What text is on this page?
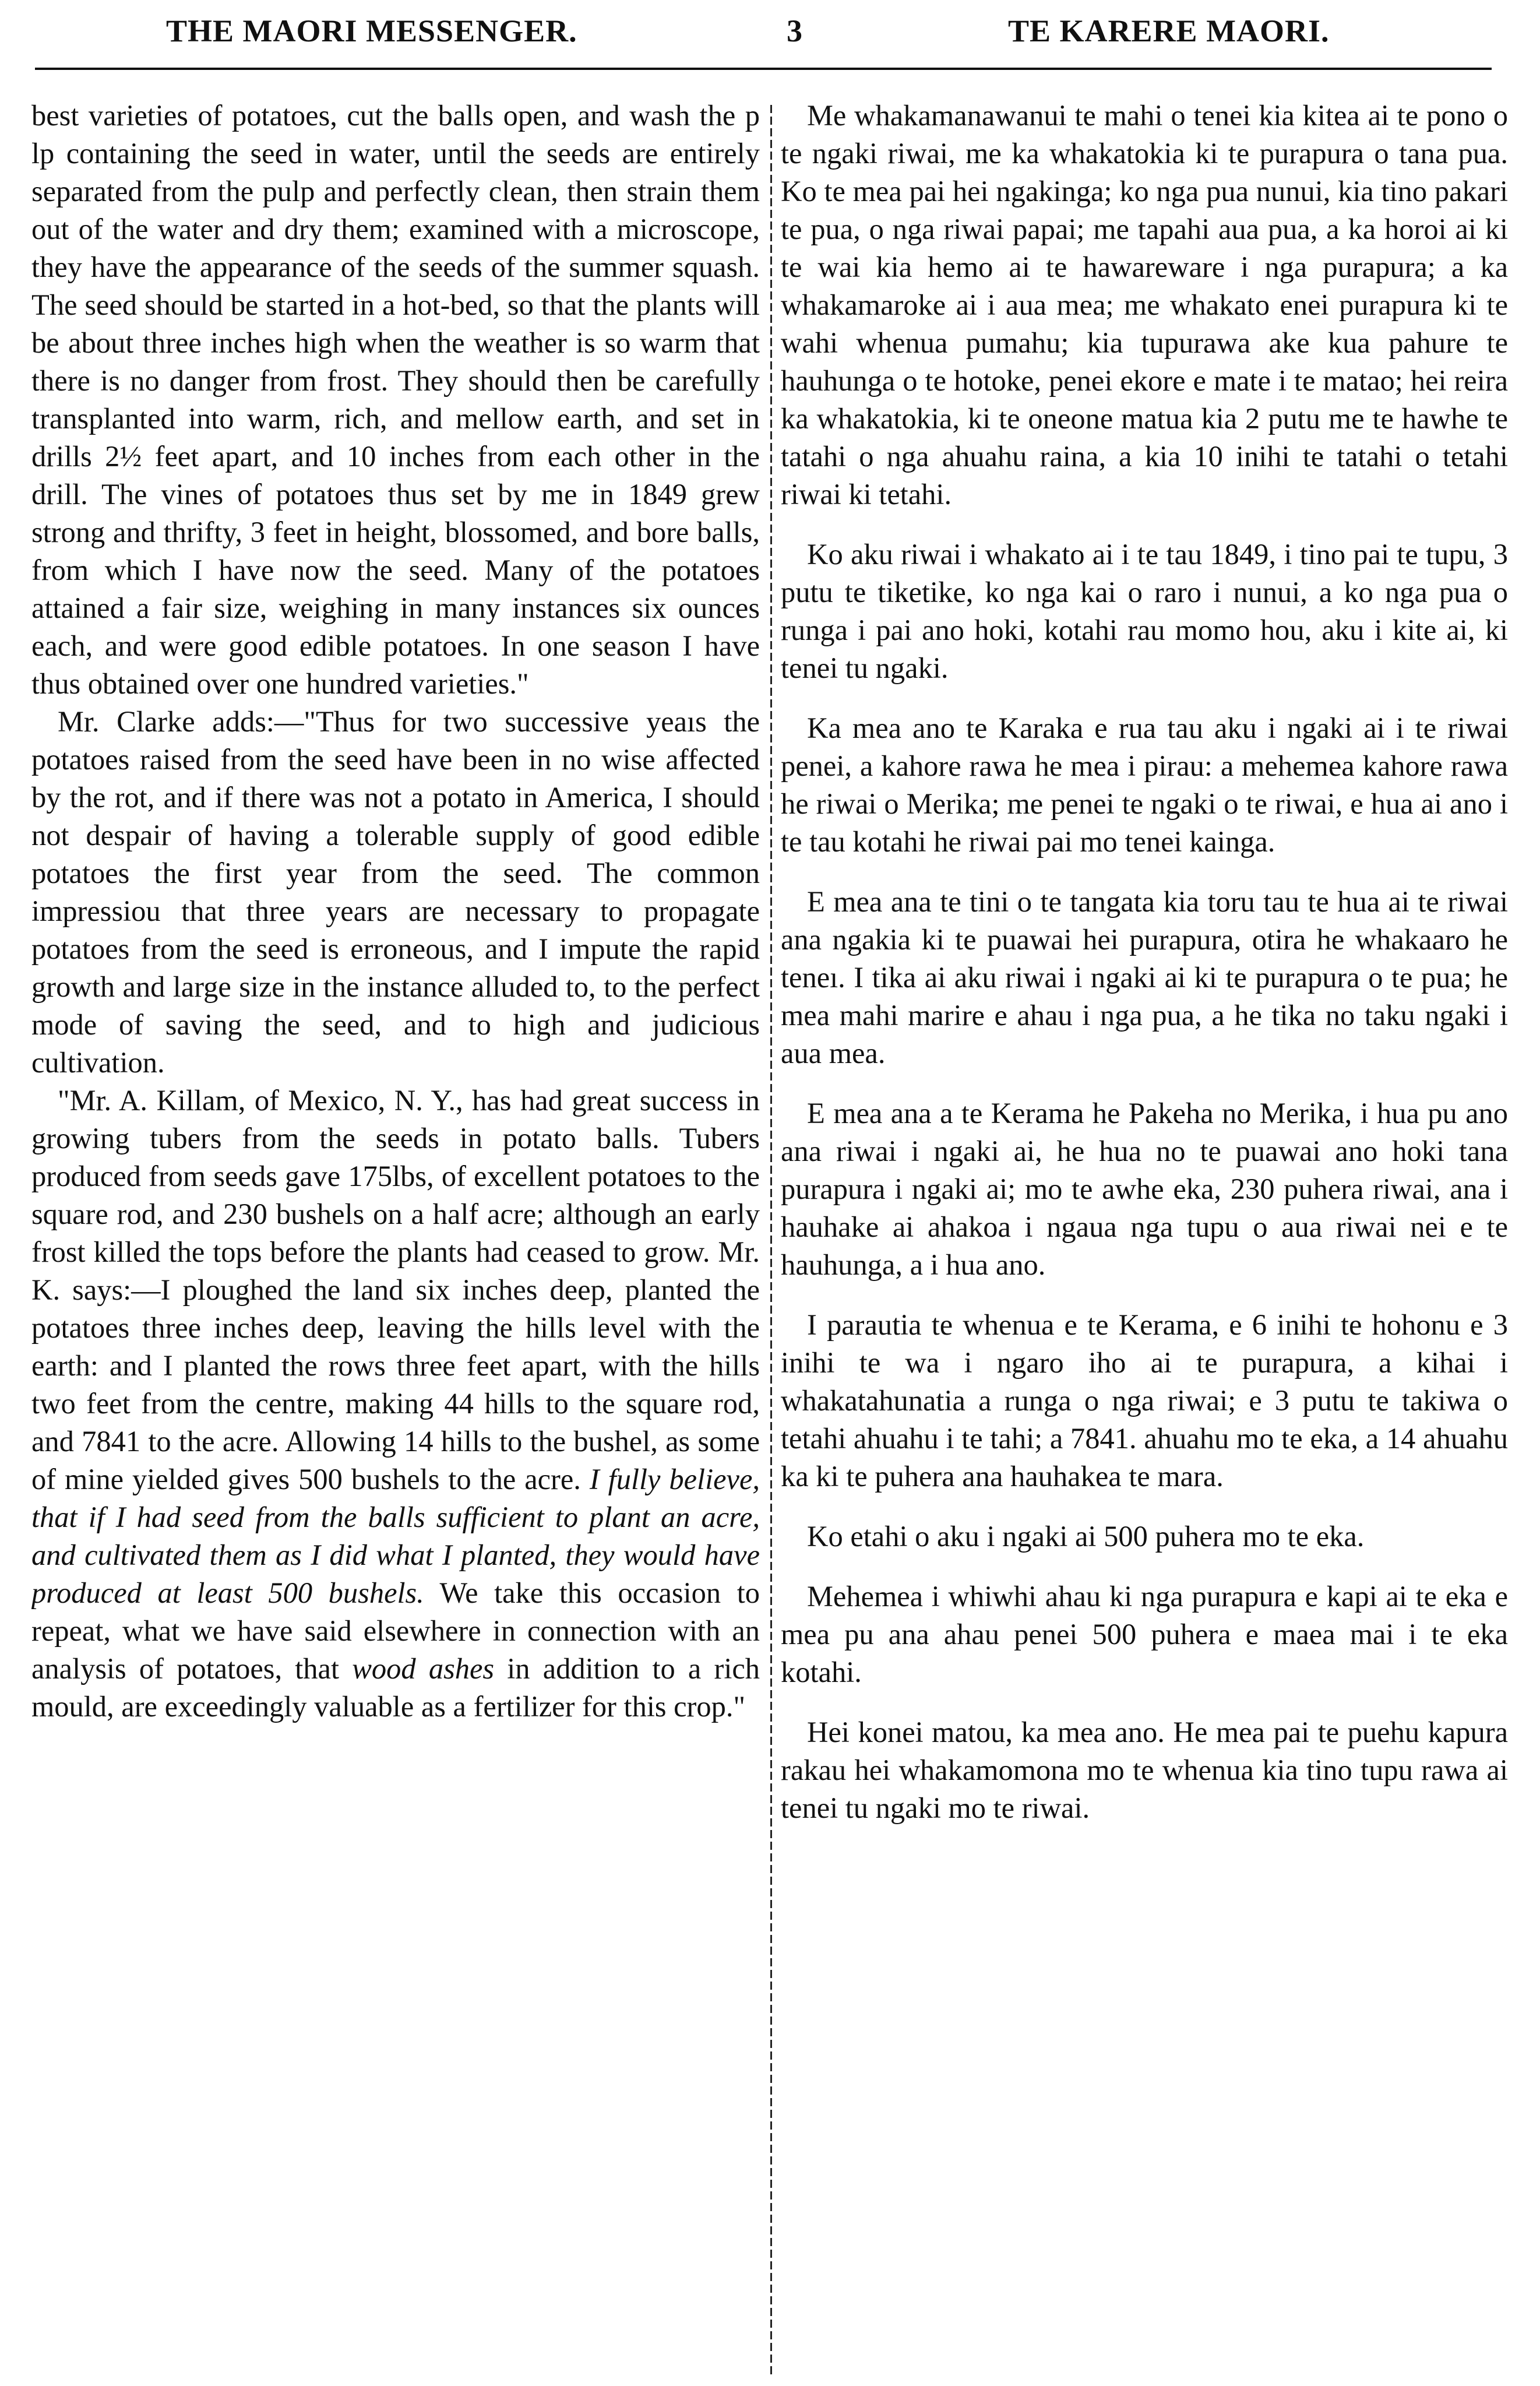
THE MAORI MESSENGER.	3	TE KARERE MAORI.

best varieties of potatoes, cut the balls open, and wash the p lp containing the seed in water, until the seeds are entirely separated from the pulp and perfectly clean, then strain them out of the water and dry them; examined with a microscope, they have the appearance of the seeds of the summer squash. The seed should be started in a hot-bed, so that the plants will be about three inches high when the weather is so warm that there is no danger from frost. They should then be carefully transplanted into warm, rich, and mellow earth, and set in drills 2½ feet apart, and 10 inches from each other in the drill. The vines of potatoes thus set by me in 1849 grew strong and thrifty, 3 feet in height, blossomed, and bore balls, from which I have now the seed. Many of the potatoes attained a fair size, weighing in many instances six ounces each, and were good edible potatoes. In one season I have thus obtained over one hundred varieties."

Mr. Clarke adds:—"Thus for two successive yeaıs the potatoes raised from the seed have been in no wise affected by the rot, and if there was not a potato in America, I should not despair of having a tolerable supply of good edible potatoes the first year from the seed. The common impressiou that three years are necessary to propagate potatoes from the seed is erroneous, and I impute the rapid growth and large size in the instance alluded to, to the perfect mode of saving the seed, and to high and judicious cultivation.

"Mr. A. Killam, of Mexico, N. Y., has had great success in growing tubers from the seeds in potato balls. Tubers produced from seeds gave 175lbs, of excellent potatoes to the square rod, and 230 bushels on a half acre; although an early frost killed the tops before the plants had ceased to grow. Mr. K. says:—I ploughed the land six inches deep, planted the potatoes three inches deep, leaving the hills level with the earth: and I planted the rows three feet apart, with the hills two feet from the centre, making 44 hills to the square rod, and 7841 to the acre. Allowing 14 hills to the bushel, as some of mine yielded gives 500 bushels to the acre. I fully believe, that if I had seed from the balls sufficient to plant an acre, and cultivated them as I did what I planted, they would have produced at least 500 bushels. We take this occasion to repeat, what we have said elsewhere in connection with an analysis of potatoes, that wood ashes in addition to a rich mould, are exceedingly valuable as a fertilizer for this crop."

Me whakamanawanui te mahi o tenei kia kitea ai te pono o te ngaki riwai, me ka whakatokia ki te purapura o tana pua. Ko te mea pai hei ngakinga; ko nga pua nunui, kia tino pakari te pua, o nga riwai papai; me tapahi aua pua, a ka horoi ai ki te wai kia hemo ai te hawareware i nga purapura; a ka whakamaroke ai i aua mea; me whakato enei purapura ki te wahi whenua pumahu; kia tupurawa ake kua pahure te hauhunga o te hotoke, penei ekore e mate i te matao; hei reira ka whakatokia, ki te oneone matua kia 2 putu me te hawhe te tatahi o nga ahuahu raina, a kia 10 inihi te tatahi o tetahi riwai ki tetahi.

Ko aku riwai i whakato ai i te tau 1849, i tino pai te tupu, 3 putu te tiketike, ko nga kai o raro i nunui, a ko nga pua o runga i pai ano hoki, kotahi rau momo hou, aku i kite ai, ki tenei tu ngaki.

Ka mea ano te Karaka e rua tau aku i ngaki ai i te riwai penei, a kahore rawa he mea i pirau: a mehemea kahore rawa he riwai o Merika; me penei te ngaki o te riwai, e hua ai ano i te tau kotahi he riwai pai mo tenei kainga.

E mea ana te tini o te tangata kia toru tau te hua ai te riwai ana ngakia ki te puawai hei purapura, otira he whakaaro he teneı. I tika ai aku riwai i ngaki ai ki te purapura o te pua; he mea mahi marire e ahau i nga pua, a he tika no taku ngaki i aua mea.

E mea ana a te Kerama he Pakeha no Merika, i hua pu ano ana riwai i ngaki ai, he hua no te puawai ano hoki tana purapura i ngaki ai; mo te awhe eka, 230 puhera riwai, ana i hauhake ai ahakoa i ngaua nga tupu o aua riwai nei e te hauhunga, a i hua ano.

I parautia te whenua e te Kerama, e 6 inihi te hohonu e 3 inihi te wa i ngaro iho ai te purapura, a kihai i whakatahunatia a runga o nga riwai; e 3 putu te takiwa o tetahi ahuahu i te tahi; a 7841. ahuahu mo te eka, a 14 ahuahu ka ki te puhera ana hauhakea te mara.

Ko etahi o aku i ngaki ai 500 puhera mo te eka.

Mehemea i whiwhi ahau ki nga purapura e kapi ai te eka e mea pu ana ahau penei 500 puhera e maea mai i te eka kotahi.

Hei konei matou, ka mea ano. He mea pai te puehu kapura rakau hei whakamomona mo te whenua kia tino tupu rawa ai tenei tu ngaki mo te riwai.
